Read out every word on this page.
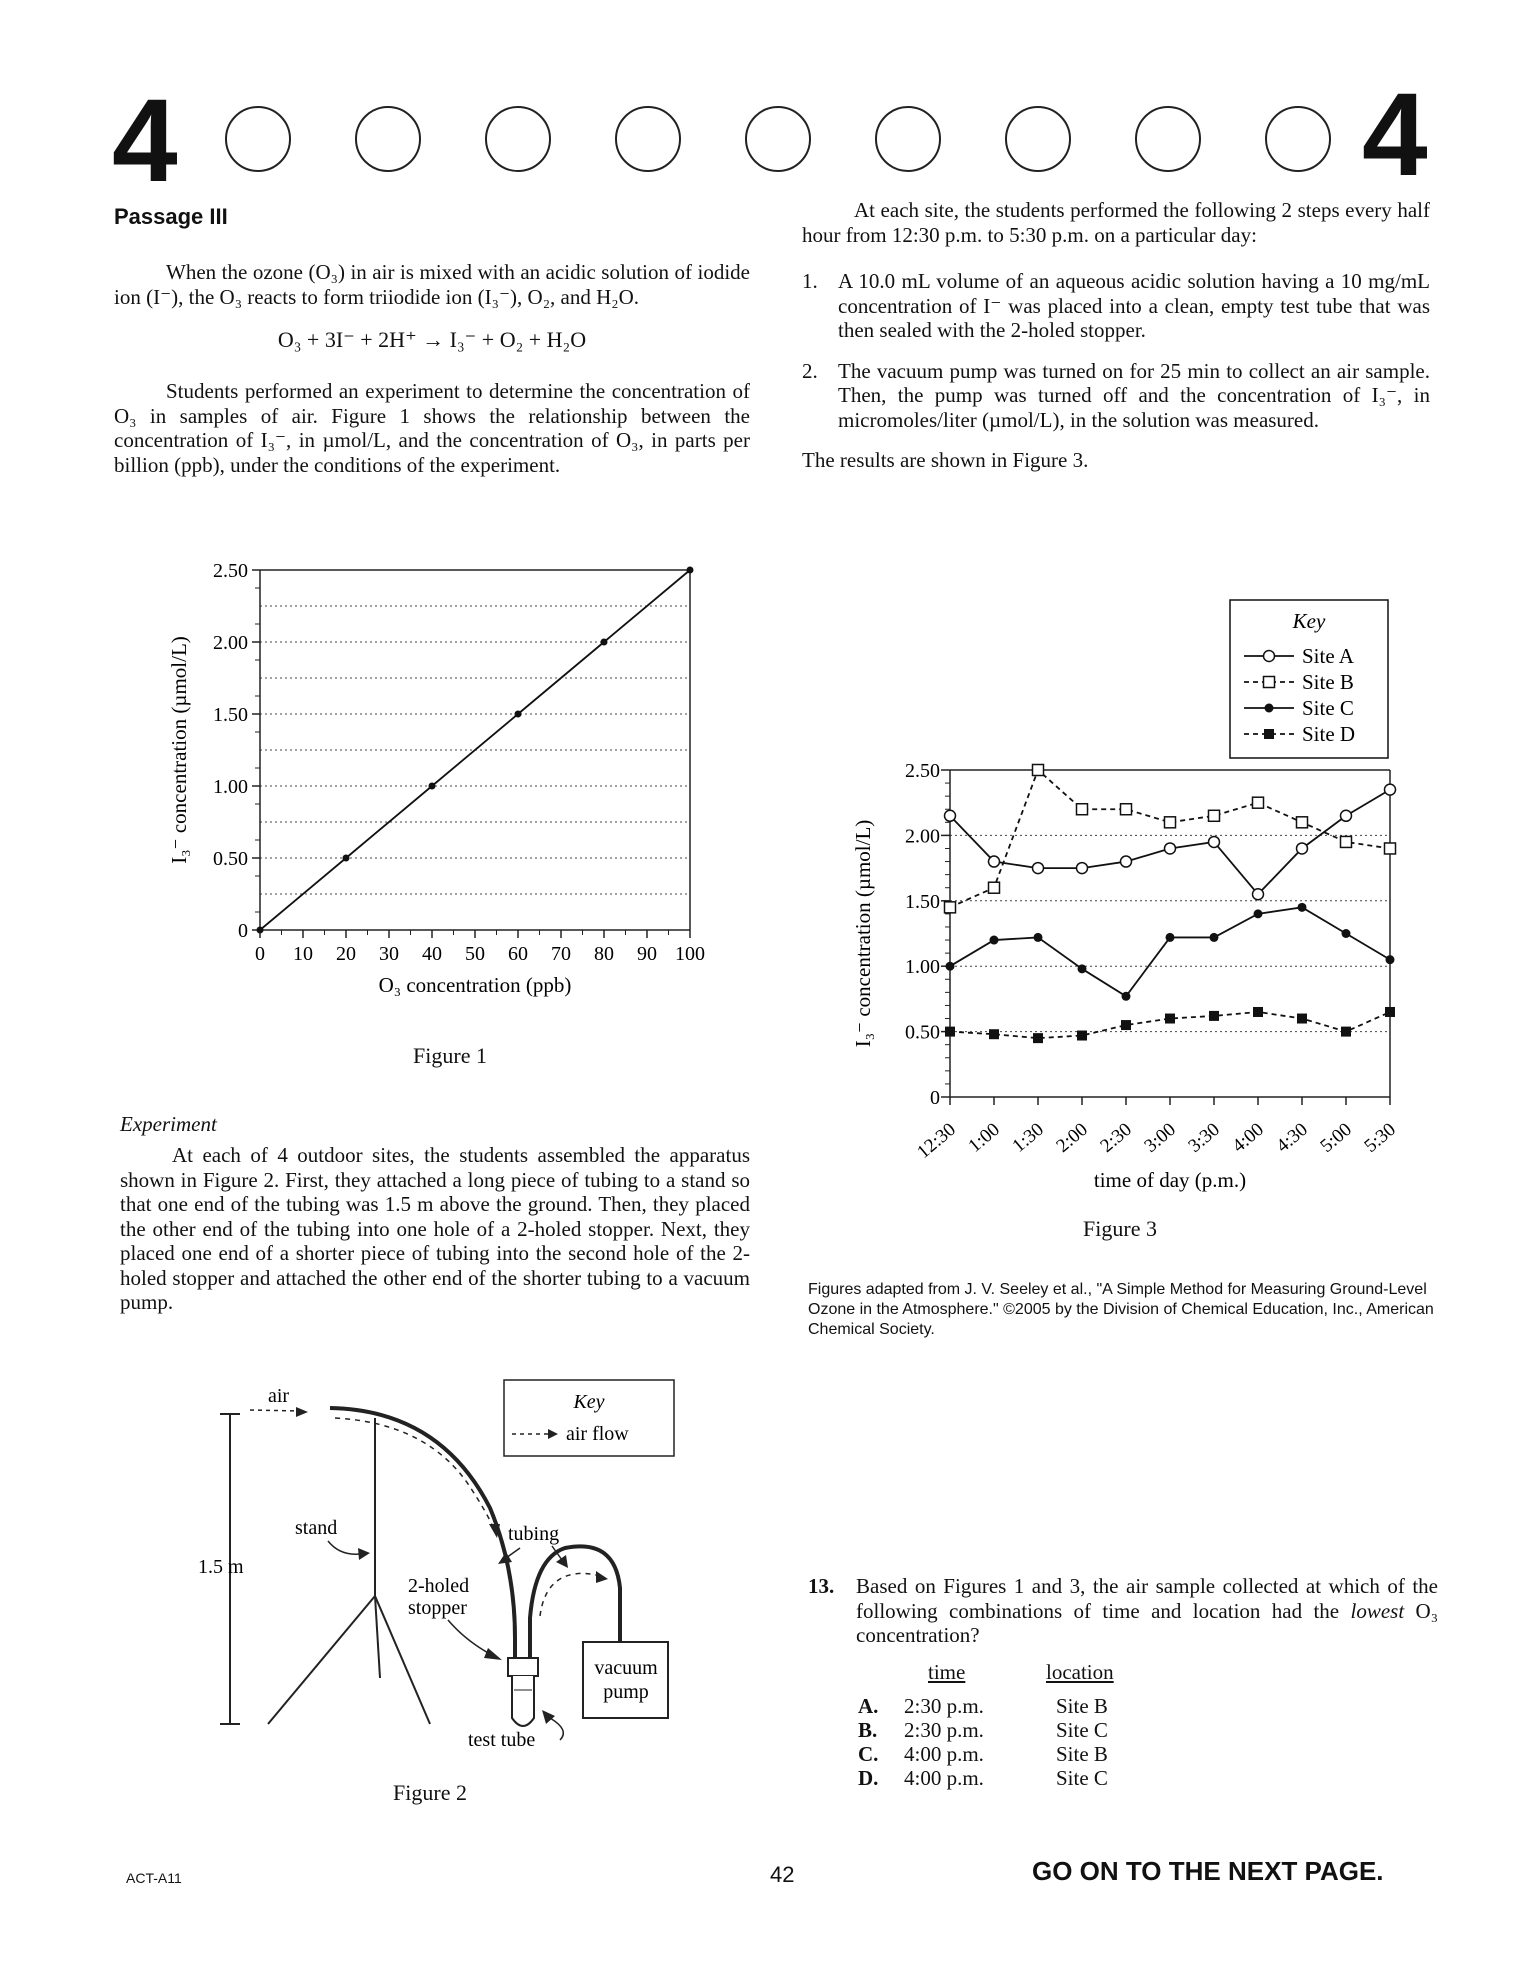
4	4
Passage III

When the ozone (O₃) in air is mixed with an acidic solution of iodide ion (I⁻), the O₃ reacts to form triiodide ion (I₃⁻), O₂, and H₂O.

O₃ + 3I⁻ + 2H⁺ → I₃⁻ + O₂ + H₂O

Students performed an experiment to determine the concentration of O₃ in samples of air. Figure 1 shows the relationship between the concentration of I₃⁻, in µmol/L, and the concentration of O₃, in parts per billion (ppb), under the conditions of the experiment.

0
0.50
1.00
1.50
2.00
2.50
0 10 20 30 40 50 60 70 80 90 100
O₃ concentration (ppb)
I₃⁻ concentration (µmol/L)
Figure 1
Experiment

At each of 4 outdoor sites, the students assembled the apparatus shown in Figure 2. First, they attached a long piece of tubing to a stand so that one end of the tubing was 1.5 m above the ground. Then, they placed the other end of the tubing into one hole of a 2-holed stopper. Next, they placed one end of a shorter piece of tubing into the second hole of the 2-holed stopper and attached the other end of the shorter tubing to a vacuum pump.

1.5 m
stand
air
vacuum
pump
tubing
2-holed
stopper
test tube
Key
air flow
Figure 2

At each site, the students performed the following 2 steps every half hour from 12:30 p.m. to 5:30 p.m. on a particular day:

1. A 10.0 mL volume of an aqueous acidic solution having a 10 mg/mL concentration of I⁻ was placed into a clean, empty test tube that was then sealed with the 2-holed stopper.
2. The vacuum pump was turned on for 25 min to collect an air sample. Then, the pump was turned off and the concentration of I₃⁻, in micromoles/liter (µmol/L), in the solution was measured.

The results are shown in Figure 3.

0
0.50
1.00
1.50
2.00
2.50
12:30 1:00 1:30 2:00 2:30 3:00 3:30 4:00 4:30 5:00 5:30
time of day (p.m.)
I₃⁻ concentration (µmol/L)
Key
Site A
Site B
Site C
Site D
Figure 3
Figures adapted from J. V. Seeley et al., "A Simple Method for Measuring Ground-Level Ozone in the Atmosphere." ©2005 by the Division of Chemical Education, Inc., American Chemical Society.
13. Based on Figures 1 and 3, the air sample collected at which of the following combinations of time and location had the lowest O₃ concentration?
time	location
A. 2:30 p.m.	Site B
B. 2:30 p.m.	Site C
C. 4:00 p.m.	Site B
D. 4:00 p.m.	Site C
ACT-A11	42	GO ON TO THE NEXT PAGE.
